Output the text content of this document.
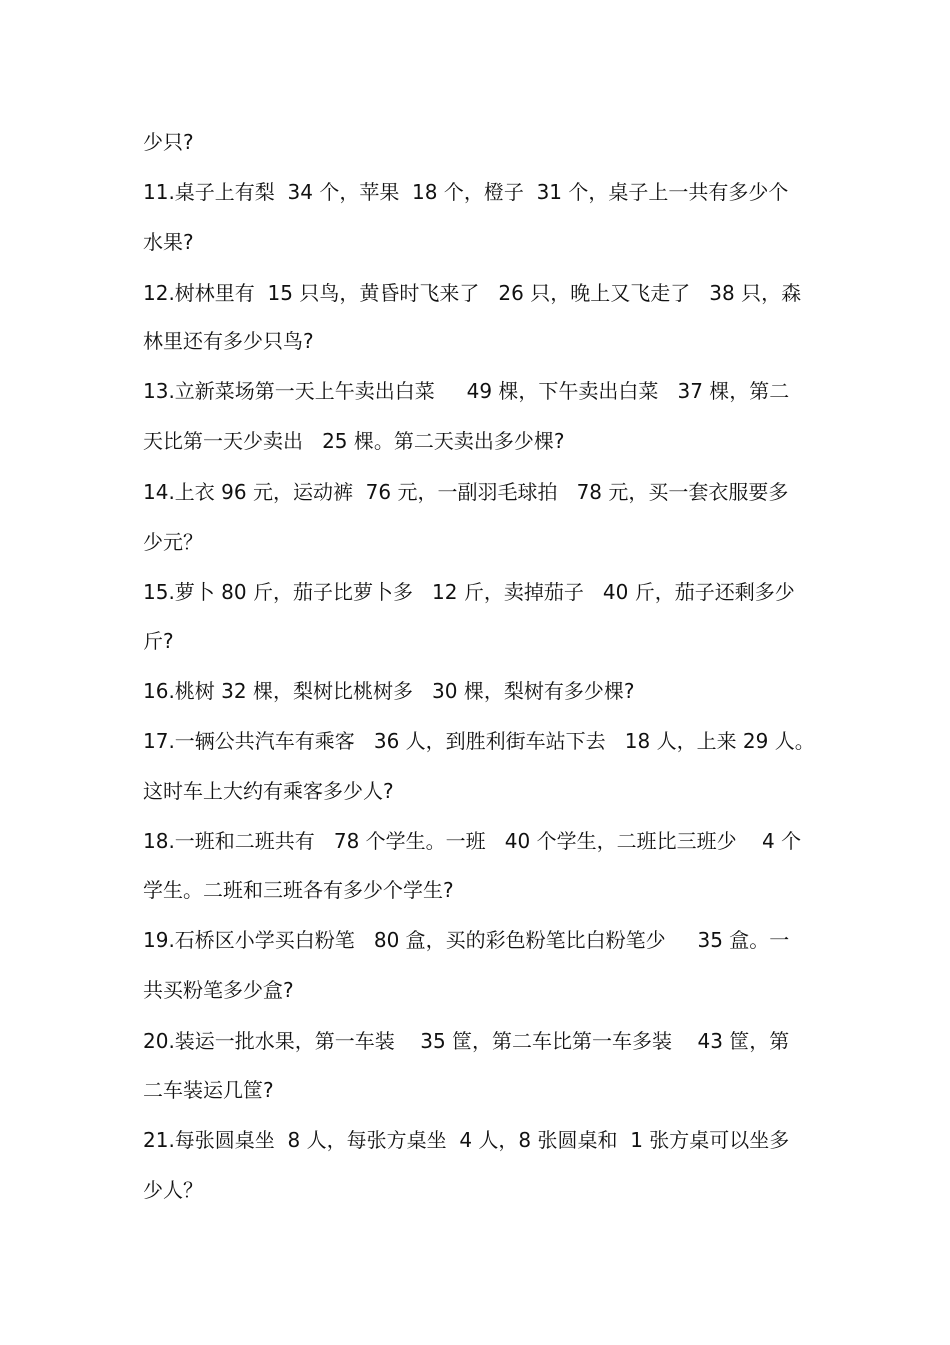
少只?
11.桌子上有梨  34 个，苹果  18 个，橙子  31 个，桌子上一共有多少个
水果?
12.树林里有  15 只鸟，黄昏时飞来了   26 只，晚上又飞走了   38 只，森
林里还有多少只鸟?
13.立新菜场第一天上午卖出白菜     49 棵，下午卖出白菜   37 棵，第二
天比第一天少卖出   25 棵。第二天卖出多少棵?
14.上衣 96 元，运动裤  76 元，一副羽毛球拍   78 元，买一套衣服要多
少元？
15.萝卜 80 斤，茄子比萝卜多   12 斤，卖掉茄子   40 斤，茄子还剩多少
斤?
16.桃树 32 棵，梨树比桃树多   30 棵，梨树有多少棵?
17.一辆公共汽车有乘客   36 人，到胜利街车站下去   18 人，上来 29 人。
这时车上大约有乘客多少人?
18.一班和二班共有   78 个学生。一班   40 个学生，二班比三班少    4 个
学生。二班和三班各有多少个学生?
19.石桥区小学买白粉笔   80 盒，买的彩色粉笔比白粉笔少     35 盒。一
共买粉笔多少盒?
20.装运一批水果，第一车装    35 筐，第二车比第一车多装    43 筐，第
二车装运几筐?
21.每张圆桌坐  8 人，每张方桌坐  4 人，8 张圆桌和  1 张方桌可以坐多
少人？
